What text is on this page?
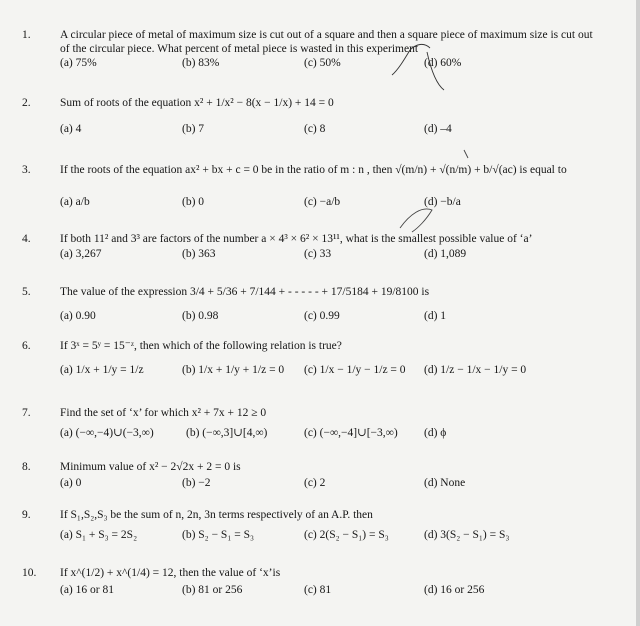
1.	A circular piece of metal of maximum size is cut out of a square and then a square piece of maximum size is cut out of the circular piece. What percent of metal piece is wasted in this experiment
(a) 75%	(b) 83%	(c) 50%	(d) 60%
2.	Sum of roots of the equation x² + 1/x² − 8(x − 1/x) + 14 = 0
(a) 4	(b) 7	(c) 8	(d) –4
3.	If the roots of the equation ax² + bx + c = 0 be in the ratio of m : n , then √(m/n) + √(n/m) + b/√(ac) is equal to
(a) a/b	(b) 0	(c) −a/b	(d) −b/a
4.	If both 11² and 3³ are factors of the number a × 4³ × 6² × 13¹¹, what is the smallest possible value of ‘a’
(a) 3,267	(b) 363	(c) 33	(d) 1,089
5.	The value of the expression 3/4 + 5/36 + 7/144 + - - - - - + 17/5184 + 19/8100 is
(a) 0.90	(b) 0.98	(c) 0.99	(d) 1
6.	If 3ˣ = 5ʸ = 15⁻ᶻ, then which of the following relation is true?
(a) 1/x + 1/y = 1/z	(b) 1/x + 1/y + 1/z = 0 (c) 1/x − 1/y − 1/z = 0 (d) 1/z − 1/x − 1/y = 0
7.	Find the set of ‘x’ for which x² + 7x + 12 ≥ 0
(a) (−∞,−4)∪(−3,∞)	(b) (−∞,3]∪[4,∞)	(c) (−∞,−4]∪[−3,∞) (d) ϕ
8.	Minimum value of x² − 2√2x + 2 = 0 is
(a) 0	(b) −2	(c) 2	(d) None
9.	If S₁,S₂,S₃ be the sum of n, 2n, 3n terms respectively of an A.P. then
(a) S₁ + S₃ = 2S₂	(b) S₂ − S₁ = S₃	(c) 2(S₂ − S₁) = S₃	(d) 3(S₂ − S₁) = S₃
10. If x^(1/2) + x^(1/4) = 12, then the value of ‘x’is
(a) 16 or 81	(b) 81 or 256	(c) 81	(d) 16 or 256
